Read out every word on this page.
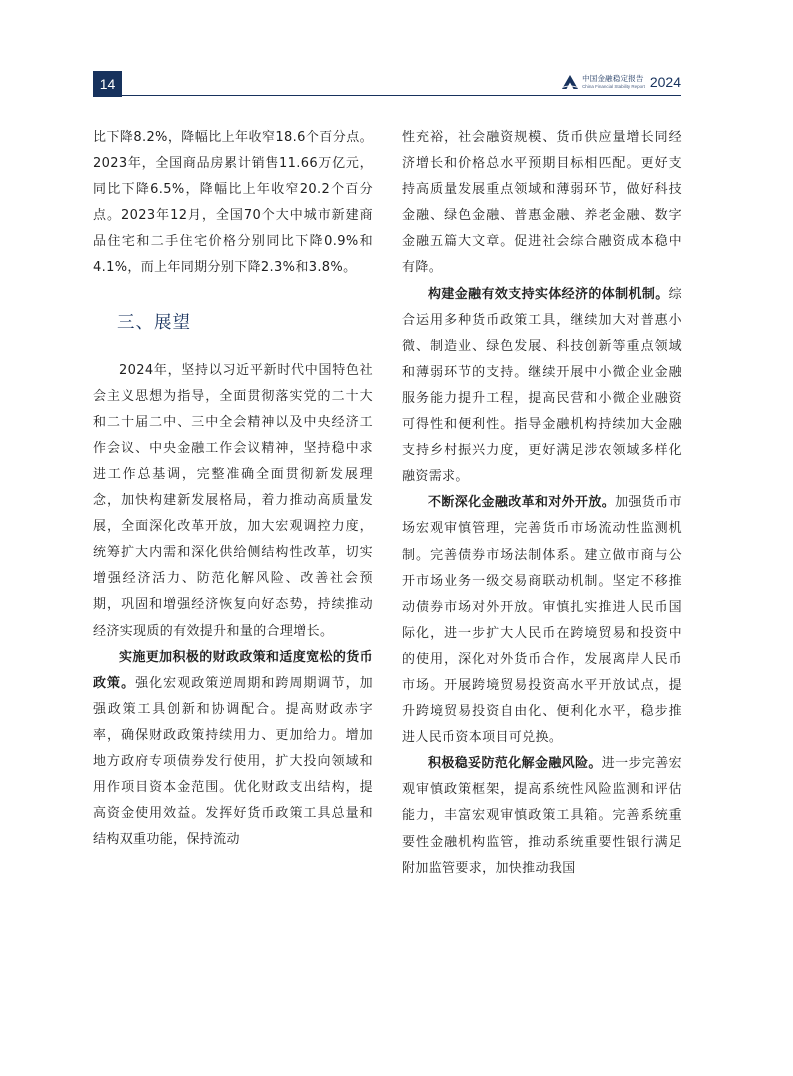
14	中国金融稳定报告
China Financial Stability Report 2024

比下降8.2%，降幅比上年收窄18.6个百分点。2023年，全国商品房累计销售11.66万亿元，同比下降6.5%，降幅比上年收窄20.2个百分点。2023年12月，全国70个大中城市新建商品住宅和二手住宅价格分别同比下降0.9%和4.1%，而上年同期分别下降2.3%和3.8%。

三、展望

2024年，坚持以习近平新时代中国特色社会主义思想为指导，全面贯彻落实党的二十大和二十届二中、三中全会精神以及中央经济工作会议、中央金融工作会议精神，坚持稳中求进工作总基调，完整准确全面贯彻新发展理念，加快构建新发展格局，着力推动高质量发展，全面深化改革开放，加大宏观调控力度，统筹扩大内需和深化供给侧结构性改革，切实增强经济活力、防范化解风险、改善社会预期，巩固和增强经济恢复向好态势，持续推动经济实现质的有效提升和量的合理增长。

实施更加积极的财政政策和适度宽松的货币政策。强化宏观政策逆周期和跨周期调节，加强政策工具创新和协调配合。提高财政赤字率，确保财政政策持续用力、更加给力。增加地方政府专项债券发行使用，扩大投向领域和用作项目资本金范围。优化财政支出结构，提高资金使用效益。发挥好货币政策工具总量和结构双重功能，保持流动

性充裕，社会融资规模、货币供应量增长同经济增长和价格总水平预期目标相匹配。更好支持高质量发展重点领域和薄弱环节，做好科技金融、绿色金融、普惠金融、养老金融、数字金融五篇大文章。促进社会综合融资成本稳中有降。

构建金融有效支持实体经济的体制机制。综合运用多种货币政策工具，继续加大对普惠小微、制造业、绿色发展、科技创新等重点领域和薄弱环节的支持。继续开展中小微企业金融服务能力提升工程，提高民营和小微企业融资可得性和便利性。指导金融机构持续加大金融支持乡村振兴力度，更好满足涉农领域多样化融资需求。

不断深化金融改革和对外开放。加强货币市场宏观审慎管理，完善货币市场流动性监测机制。完善债券市场法制体系。建立做市商与公开市场业务一级交易商联动机制。坚定不移推动债券市场对外开放。审慎扎实推进人民币国际化，进一步扩大人民币在跨境贸易和投资中的使用，深化对外货币合作，发展离岸人民币市场。开展跨境贸易投资高水平开放试点，提升跨境贸易投资自由化、便利化水平，稳步推进人民币资本项目可兑换。

积极稳妥防范化解金融风险。进一步完善宏观审慎政策框架，提高系统性风险监测和评估能力，丰富宏观审慎政策工具箱。完善系统重要性金融机构监管，推动系统重要性银行满足附加监管要求，加快推动我国
